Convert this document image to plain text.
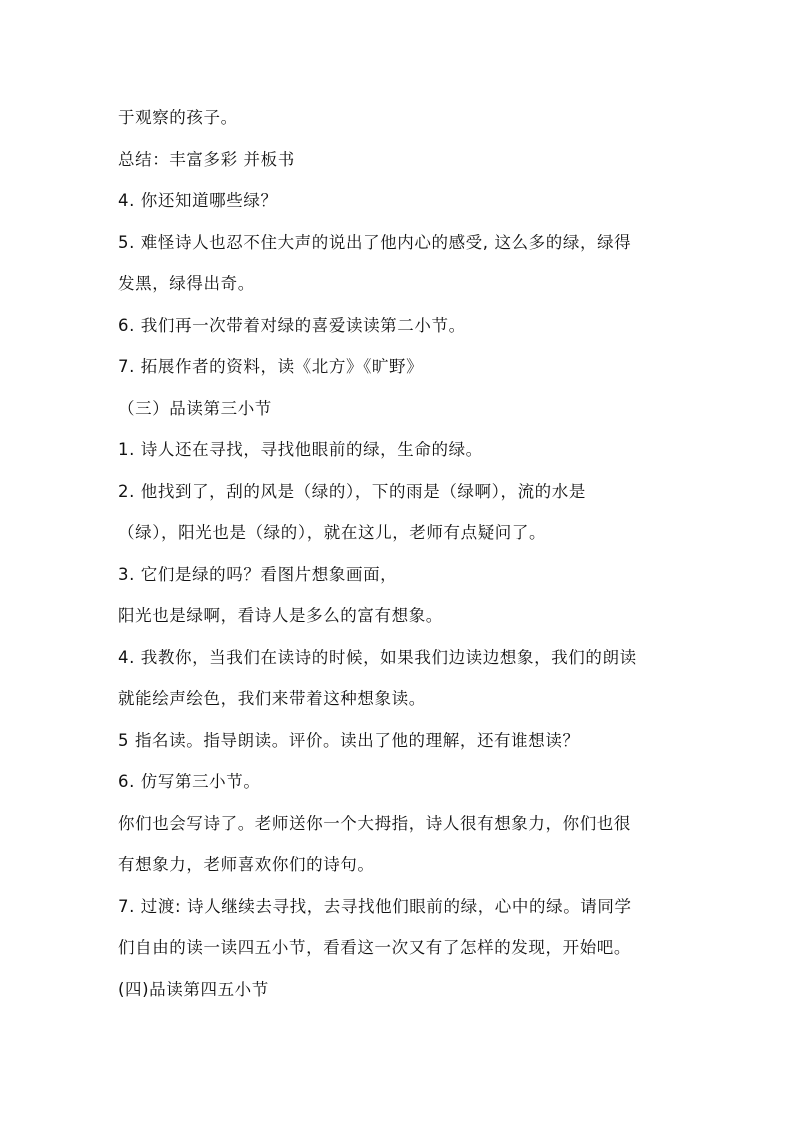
于观察的孩子。
总结：丰富多彩 并板书
4. 你还知道哪些绿？
5. 难怪诗人也忍不住大声的说出了他内心的感受, 这么多的绿，绿得
发黑，绿得出奇。
6. 我们再一次带着对绿的喜爱读读第二小节。
7. 拓展作者的资料，读《北方》《旷野》
（三）品读第三小节
1. 诗人还在寻找，寻找他眼前的绿，生命的绿。
2. 他找到了，刮的风是（绿的），下的雨是（绿啊），流的水是
（绿），阳光也是（绿的），就在这儿，老师有点疑问了。
3. 它们是绿的吗？看图片想象画面，
阳光也是绿啊，看诗人是多么的富有想象。
4. 我教你，当我们在读诗的时候，如果我们边读边想象，我们的朗读
就能绘声绘色，我们来带着这种想象读。
5 指名读。指导朗读。评价。读出了他的理解，还有谁想读？
6. 仿写第三小节。
你们也会写诗了。老师送你一个大拇指，诗人很有想象力，你们也很
有想象力，老师喜欢你们的诗句。
7. 过渡: 诗人继续去寻找，去寻找他们眼前的绿，心中的绿。请同学
们自由的读一读四五小节，看看这一次又有了怎样的发现，开始吧。
(四)品读第四五小节
